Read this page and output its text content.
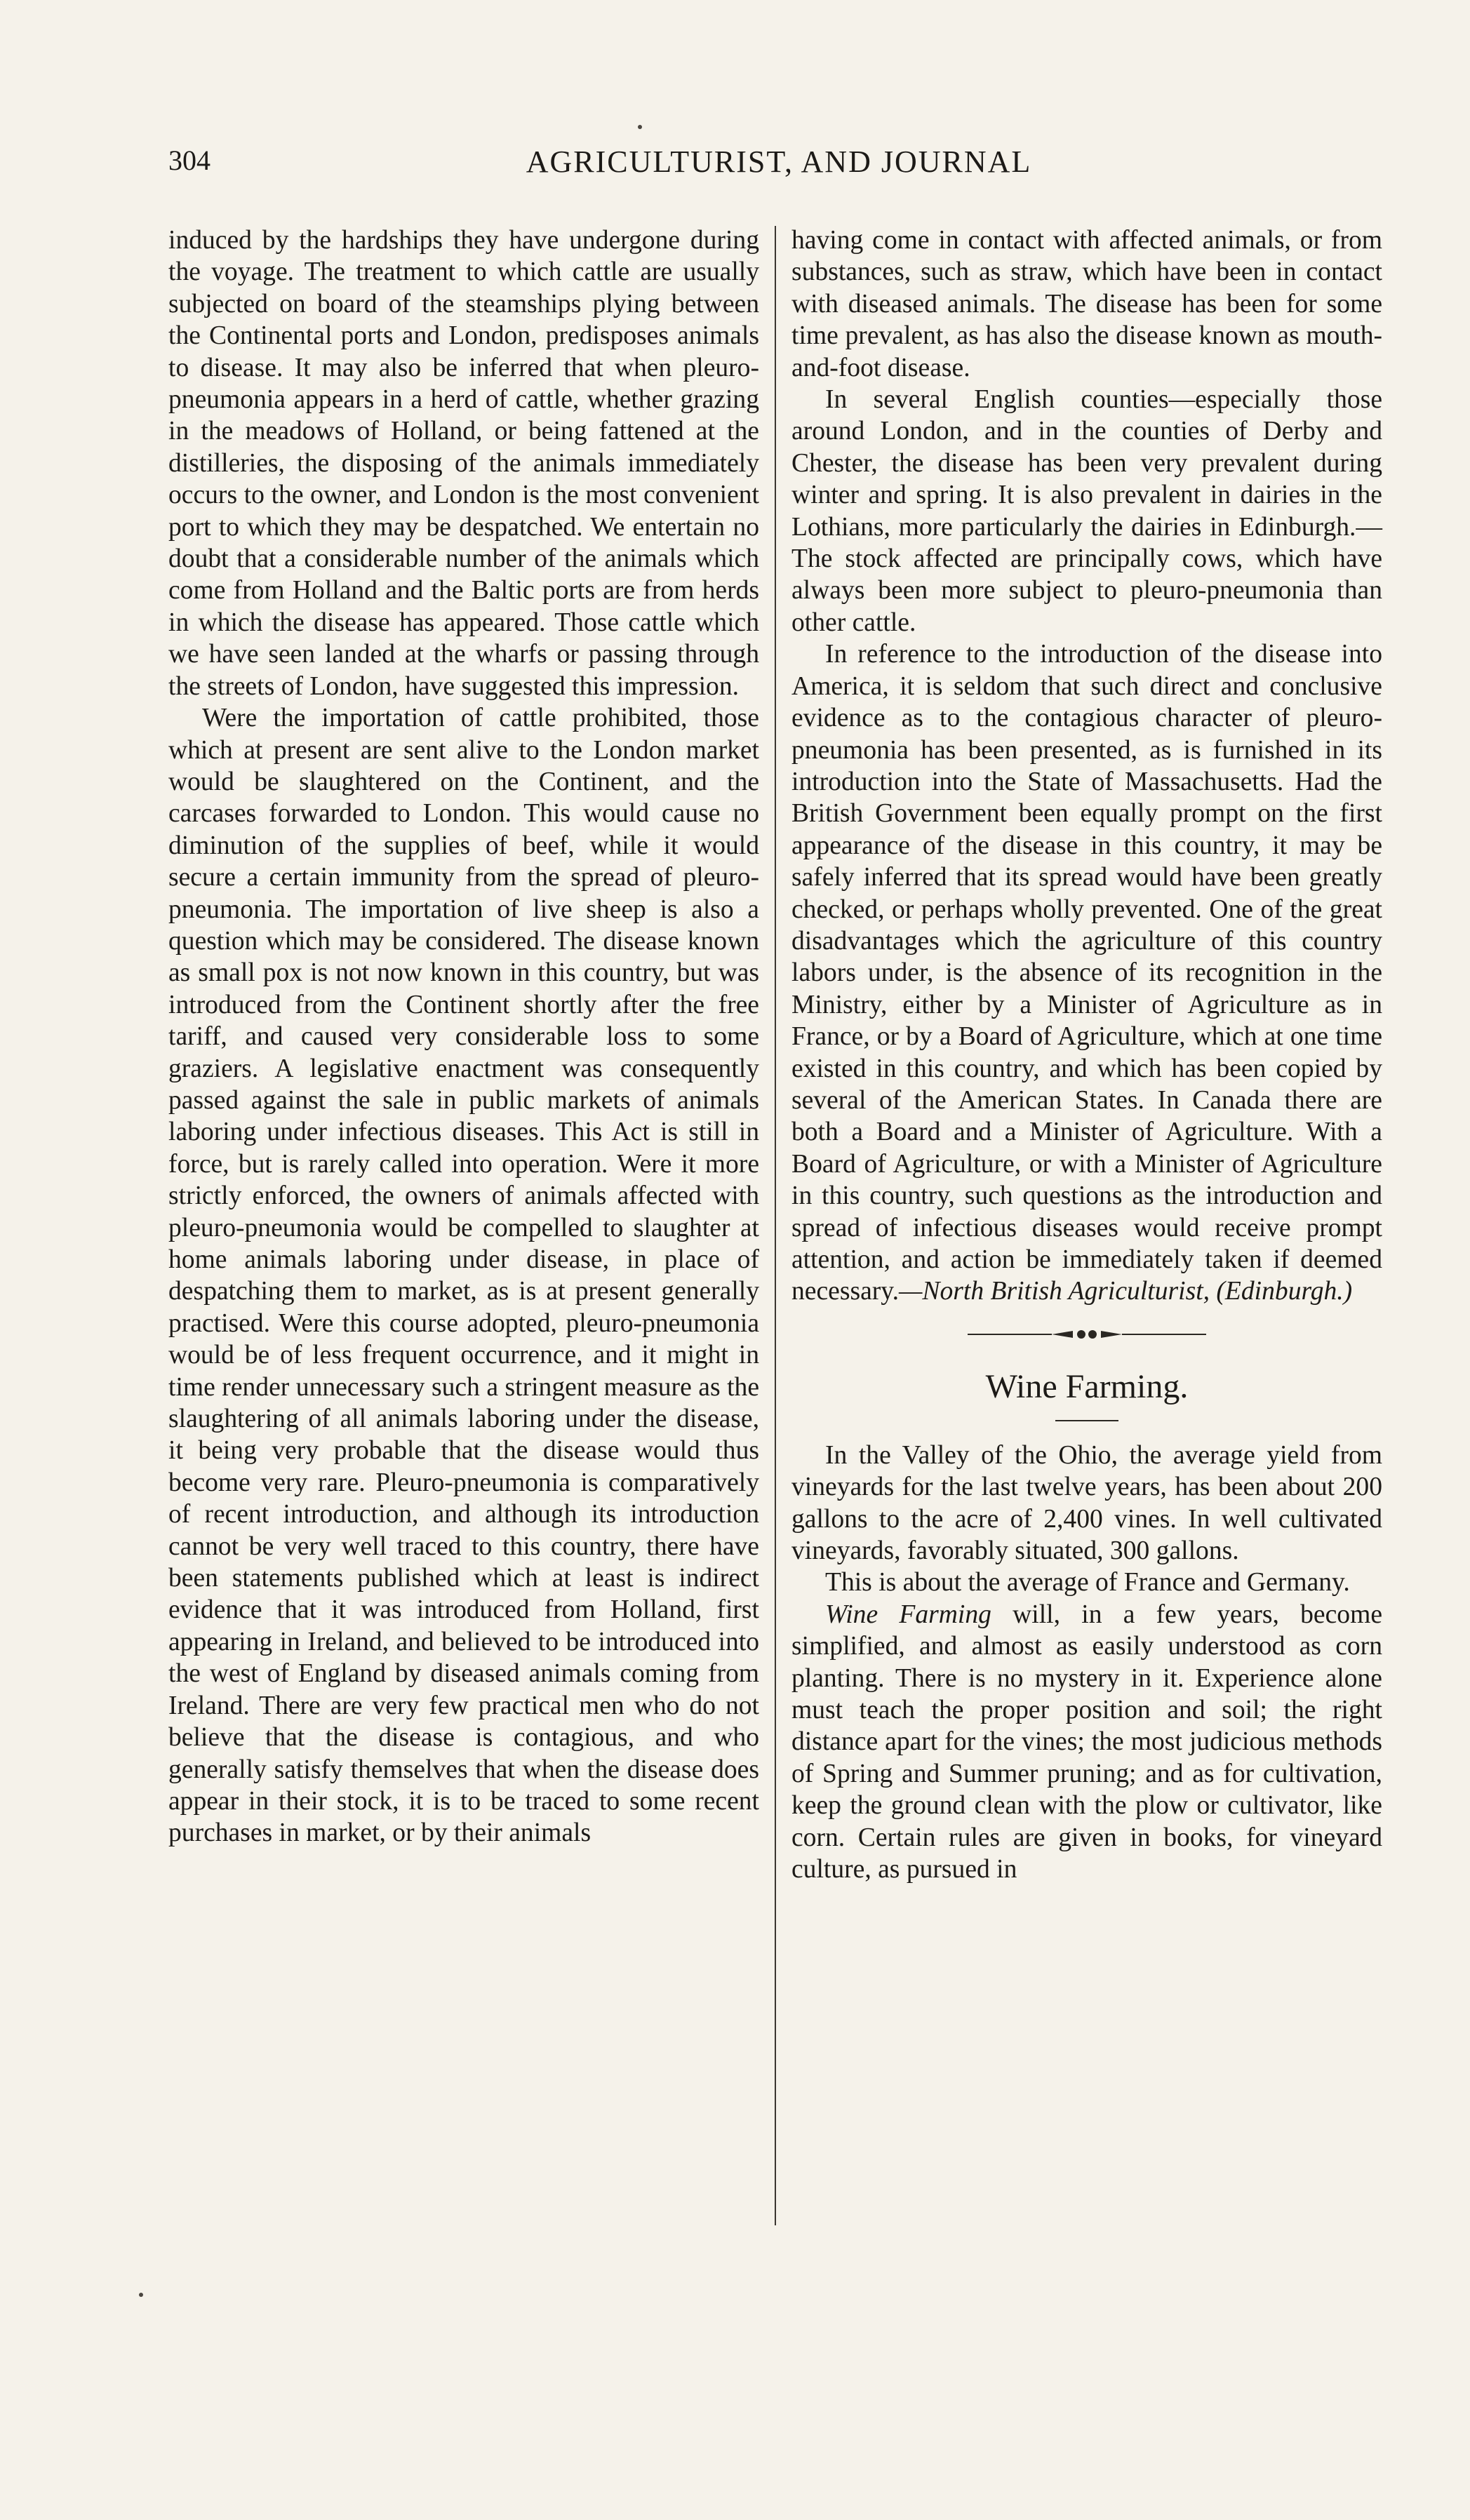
304	AGRICULTURIST, AND JOURNAL

induced by the hardships they have undergone during the voyage. The treatment to which cattle are usually subjected on board of the steamships plying between the Continental ports and London, predisposes animals to disease. It may also be inferred that when pleuro-pneumonia appears in a herd of cattle, whether grazing in the meadows of Holland, or being fattened at the distilleries, the disposing of the animals immediately occurs to the owner, and London is the most convenient port to which they may be despatched. We entertain no doubt that a considerable number of the animals which come from Holland and the Baltic ports are from herds in which the disease has appeared. Those cattle which we have seen landed at the wharfs or passing through the streets of London, have suggested this impression.

Were the importation of cattle prohibited, those which at present are sent alive to the London market would be slaughtered on the Continent, and the carcases forwarded to London. This would cause no diminution of the supplies of beef, while it would secure a certain immunity from the spread of pleuro-pneumonia. The importation of live sheep is also a question which may be considered. The disease known as small pox is not now known in this country, but was introduced from the Continent shortly after the free tariff, and caused very considerable loss to some graziers. A legislative enactment was consequently passed against the sale in public markets of animals laboring under infectious diseases. This Act is still in force, but is rarely called into operation. Were it more strictly enforced, the owners of animals affected with pleuro-pneumonia would be compelled to slaughter at home animals laboring under disease, in place of despatching them to market, as is at present generally practised. Were this course adopted, pleuro-pneumonia would be of less frequent occurrence, and it might in time render unnecessary such a stringent measure as the slaughtering of all animals laboring under the disease, it being very probable that the disease would thus become very rare. Pleuro-pneumonia is comparatively of recent introduction, and although its introduction cannot be very well traced to this country, there have been statements published which at least is indirect evidence that it was introduced from Holland, first appearing in Ireland, and believed to be introduced into the west of England by diseased animals coming from Ireland. There are very few practical men who do not believe that the disease is contagious, and who generally satisfy themselves that when the disease does appear in their stock, it is to be traced to some recent purchases in market, or by their animals

having come in contact with affected animals, or from substances, such as straw, which have been in contact with diseased animals. The disease has been for some time prevalent, as has also the disease known as mouth-and-foot disease.

In several English counties—especially those around London, and in the counties of Derby and Chester, the disease has been very prevalent during winter and spring. It is also prevalent in dairies in the Lothians, more particularly the dairies in Edinburgh.—The stock affected are principally cows, which have always been more subject to pleuro-pneumonia than other cattle.

In reference to the introduction of the disease into America, it is seldom that such direct and conclusive evidence as to the contagious character of pleuro-pneumonia has been presented, as is furnished in its introduction into the State of Massachusetts. Had the British Government been equally prompt on the first appearance of the disease in this country, it may be safely inferred that its spread would have been greatly checked, or perhaps wholly prevented. One of the great disadvantages which the agriculture of this country labors under, is the absence of its recognition in the Ministry, either by a Minister of Agriculture as in France, or by a Board of Agriculture, which at one time existed in this country, and which has been copied by several of the American States. In Canada there are both a Board and a Minister of Agriculture. With a Board of Agriculture, or with a Minister of Agriculture in this country, such questions as the introduction and spread of infectious diseases would receive prompt attention, and action be immediately taken if deemed necessary.—North British Agriculturist, (Edinburgh.)

Wine Farming.

In the Valley of the Ohio, the average yield from vineyards for the last twelve years, has been about 200 gallons to the acre of 2,400 vines. In well cultivated vineyards, favorably situated, 300 gallons.

This is about the average of France and Germany.

Wine Farming will, in a few years, become simplified, and almost as easily understood as corn planting. There is no mystery in it. Experience alone must teach the proper position and soil; the right distance apart for the vines; the most judicious methods of Spring and Summer pruning; and as for cultivation, keep the ground clean with the plow or cultivator, like corn. Certain rules are given in books, for vineyard culture, as pursued in
